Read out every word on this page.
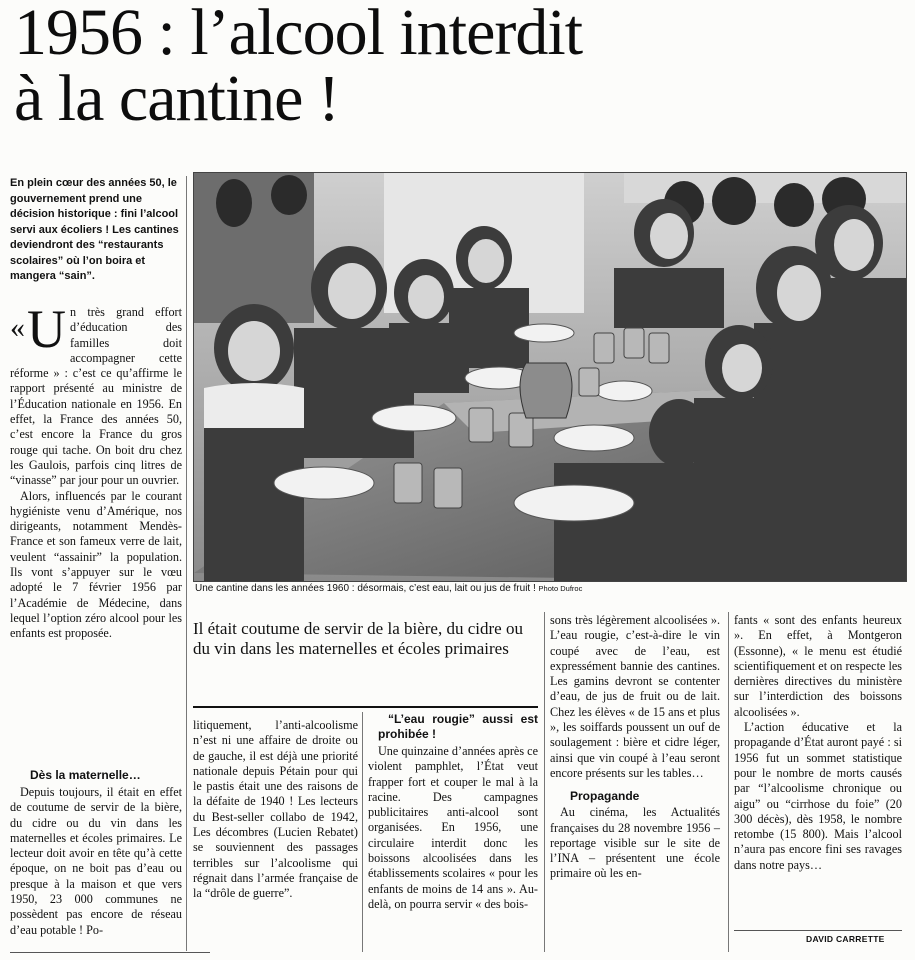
1956 : l’alcool interdit
à la cantine !

En plein cœur des années 50, le gouvernement prend une décision historique : fini l’alcool servi aux écoliers ! Les cantines deviendront des “restaurants scolaires” où l’on boira et mangera “sain”.

« U n très grand effort d’éducation des familles doit accompagner cette réforme » : c’est ce qu’affirme le rapport présenté au ministre de l’Éducation nationale en 1956. En effet, la France des années 50, c’est encore la France du gros rouge qui tache. On boit dru chez les Gaulois, parfois cinq litres de “vinasse” par jour pour un ouvrier.

Alors, influencés par le courant hygiéniste venu d’Amérique, nos dirigeants, notamment Mendès-France et son fameux verre de lait, veulent “assainir” la population. Ils vont s’appuyer sur le vœu adopté le 7 février 1956 par l’Académie de Médecine, dans lequel l’option zéro alcool pour les enfants est proposée.

Dès la maternelle…

Depuis toujours, il était en effet de coutume de servir de la bière, du cidre ou du vin dans les maternelles et écoles primaires. Le lecteur doit avoir en tête qu’à cette époque, on ne boit pas d’eau ou presque à la maison et que vers 1950, 23 000 communes ne possèdent pas encore de réseau d’eau potable ! Po-

Une cantine dans les années 1960 : désormais, c’est eau, lait ou jus de fruit ! Photo Dufroc

Il était coutume de servir de la bière, du cidre ou du vin dans les maternelles et écoles primaires

litiquement, l’anti-alcoolisme n’est ni une affaire de droite ou de gauche, il est déjà une priorité nationale depuis Pétain pour qui le pastis était une des raisons de la défaite de 1940 ! Les lecteurs du Best-seller collabo de 1942, Les décombres (Lucien Rebatet) se souviennent des passages terribles sur l’alcoolisme qui régnait dans l’armée française de la “drôle de guerre”.

“L’eau rougie” aussi est prohibée !

Une quinzaine d’années après ce violent pamphlet, l’État veut frapper fort et couper le mal à la racine. Des campagnes publicitaires anti-alcool sont organisées. En 1956, une circulaire interdit donc les boissons alcoolisées dans les établissements scolaires « pour les enfants de moins de 14 ans ». Au-delà, on pourra servir « des bois-

sons très légèrement alcoolisées ». L’eau rougie, c’est-à-dire le vin coupé avec de l’eau, est expressément bannie des cantines. Les gamins devront se contenter d’eau, de jus de fruit ou de lait. Chez les élèves « de 15 ans et plus », les soiffards poussent un ouf de soulagement : bière et cidre léger, ainsi que vin coupé à l’eau seront encore présents sur les tables…

Propagande

Au cinéma, les Actualités françaises du 28 novembre 1956 – reportage visible sur le site de l’INA – présentent une école primaire où les en-

fants « sont des enfants heureux ». En effet, à Montgeron (Essonne), « le menu est étudié scientifiquement et on respecte les dernières directives du ministère sur l’interdiction des boissons alcoolisées ».

L’action éducative et la propagande d’État auront payé : si 1956 fut un sommet statistique pour le nombre de morts causés par “l’alcoolisme chronique ou aigu” ou “cirrhose du foie” (20 300 décès), dès 1958, le nombre retombe (15 800). Mais l’alcool n’aura pas encore fini ses ravages dans notre pays…

DAVID CARRETTE
